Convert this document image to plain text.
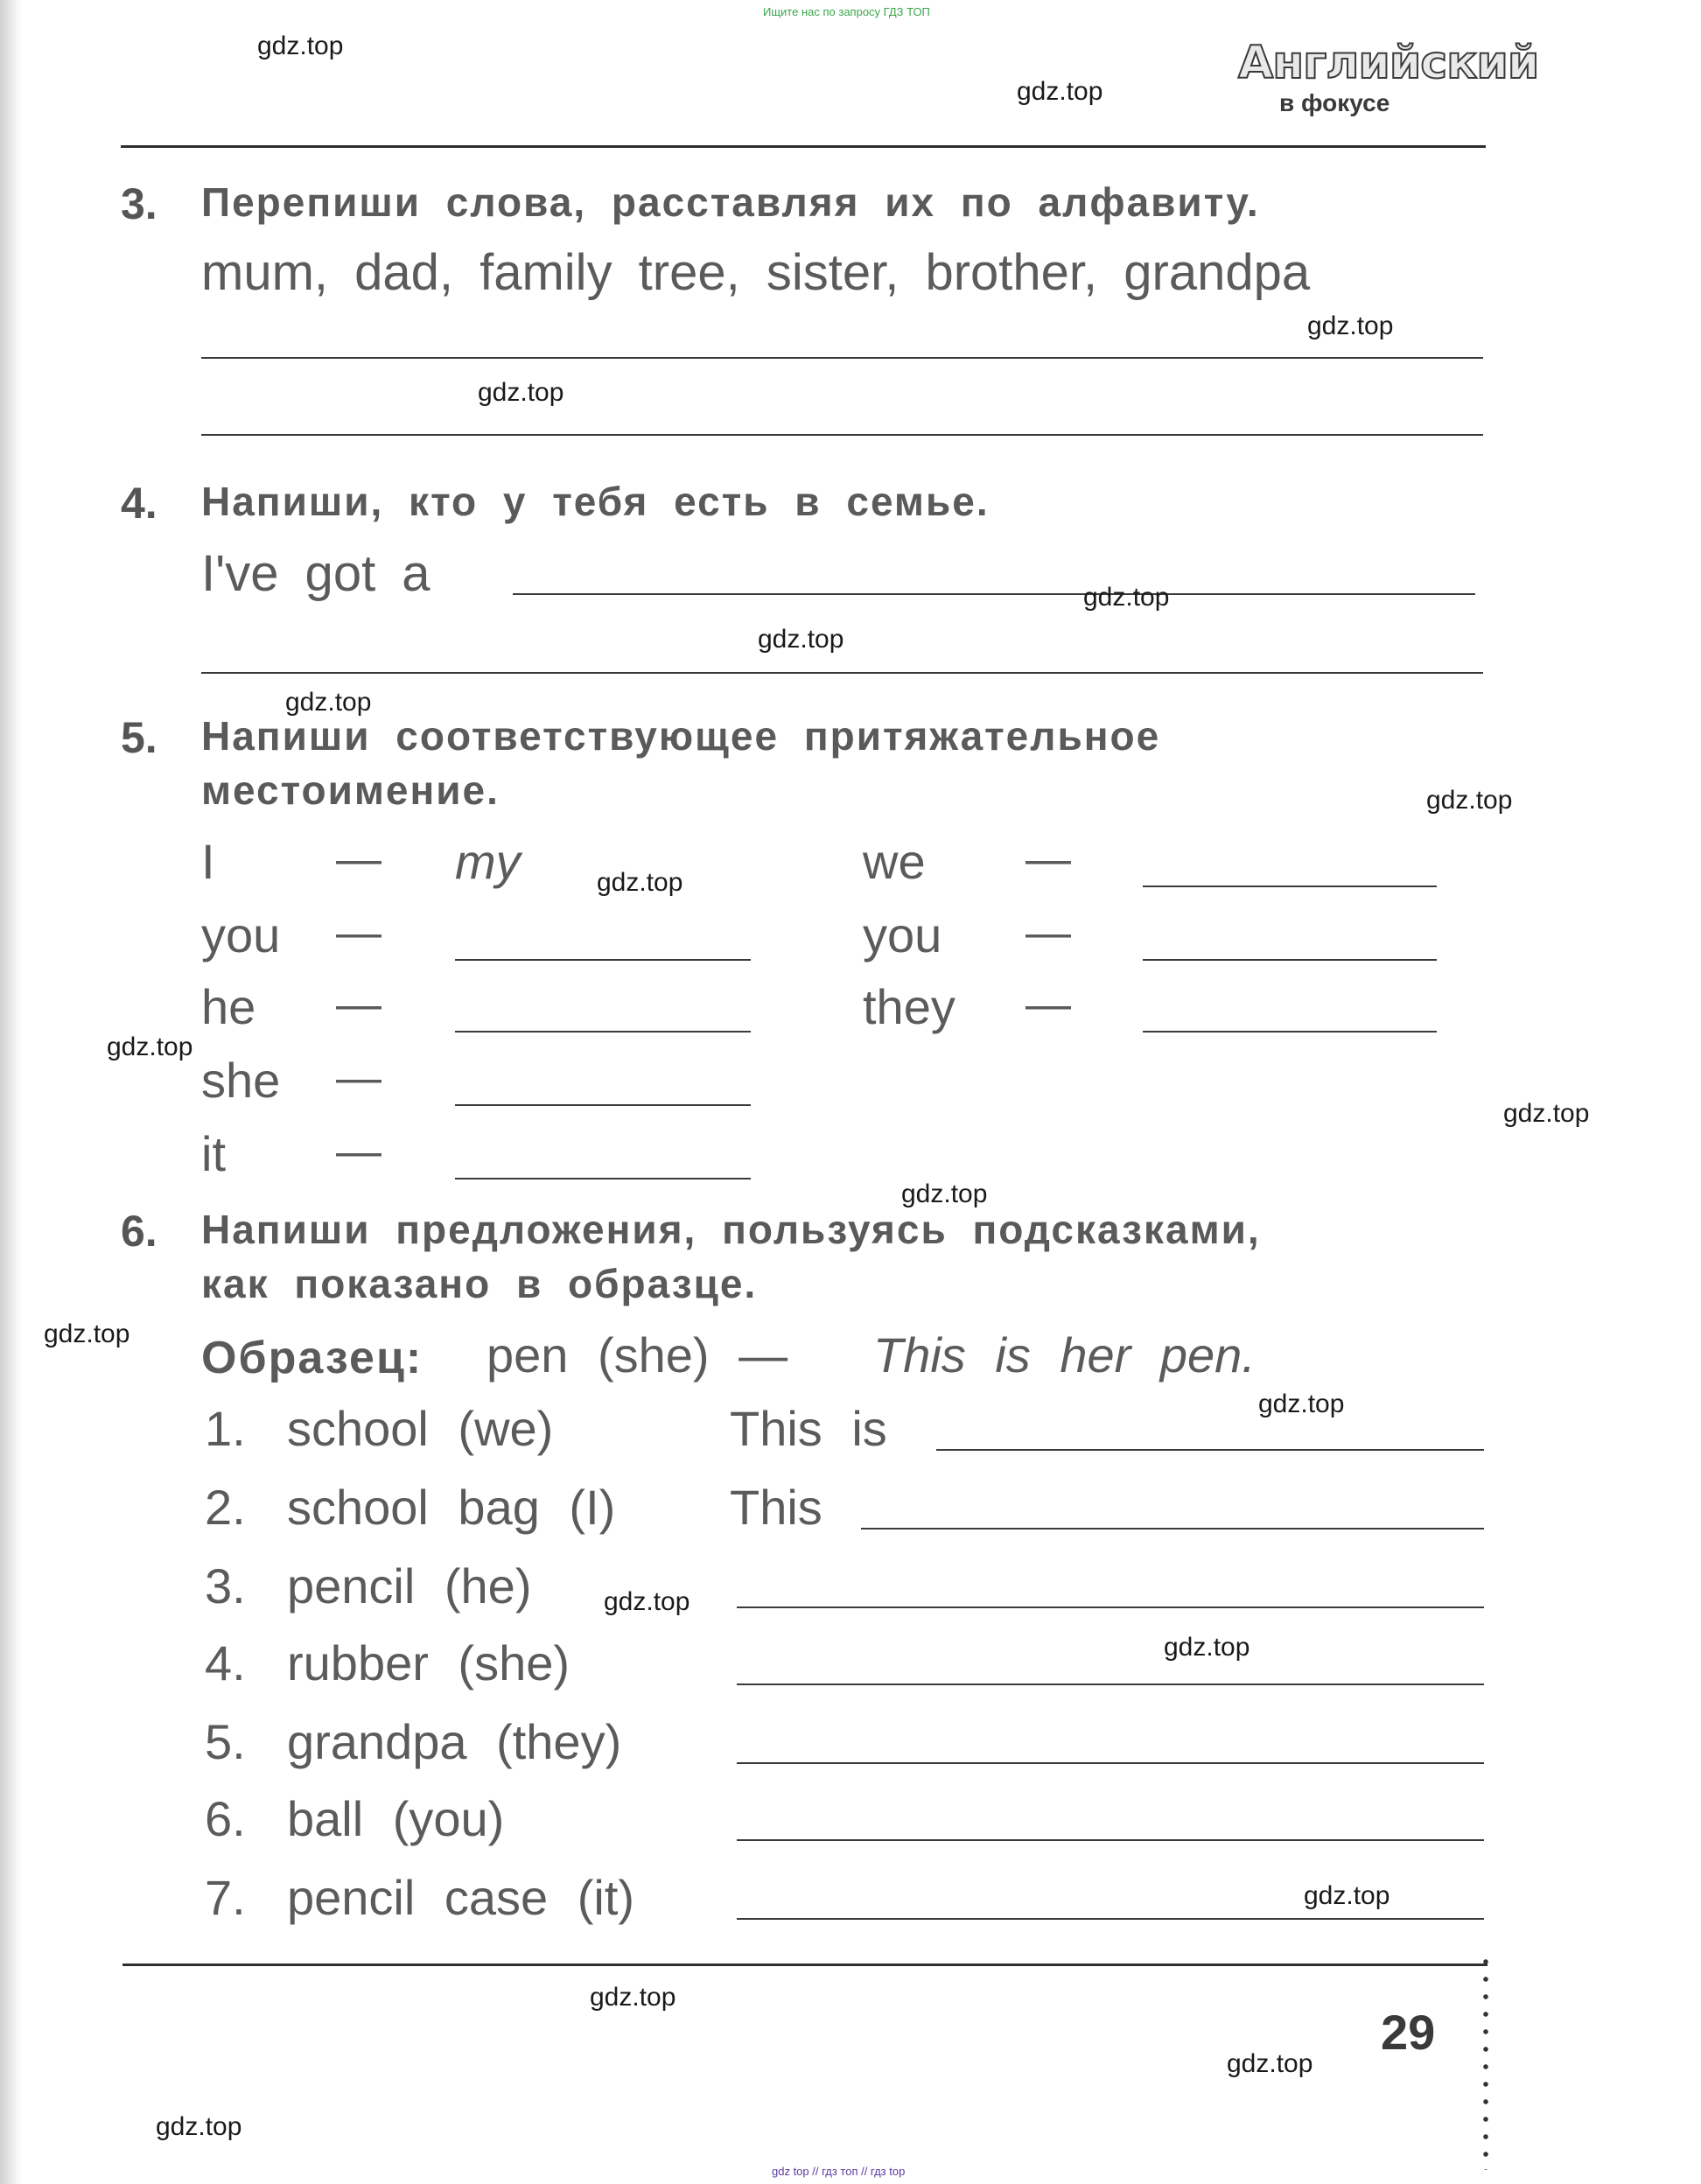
Ищите нас по запросу ГДЗ ТОП
Английский
в фокусе
3. Перепиши слова, расставляя их по алфавиту.
mum, dad, family tree, sister, brother, grandpa
4. Напиши, кто у тебя есть в семье.
I've got a
5. Напиши соответствующее притяжательное
местоимение.
I	— my
you —
he —
she —
it —
we —
you —
they —
6. Напиши предложения, пользуясь подсказками,
как показано в образце.
Образец: pen (she) — This is her pen.
1. school (we)	This is
2. school bag (I) This
3. pencil (he)
4. rubber (she)
5. grandpa (they)
6. ball (you)
7. pencil case (it)
29
gdz top // гдз топ // гдз top
gdz.top
gdz.top
gdz.top
gdz.top
gdz.top
gdz.top
gdz.top
gdz.top
gdz.top
gdz.top
gdz.top
gdz.top
gdz.top
gdz.top
gdz.top
gdz.top
gdz.top
gdz.top
gdz.top
gdz.top
